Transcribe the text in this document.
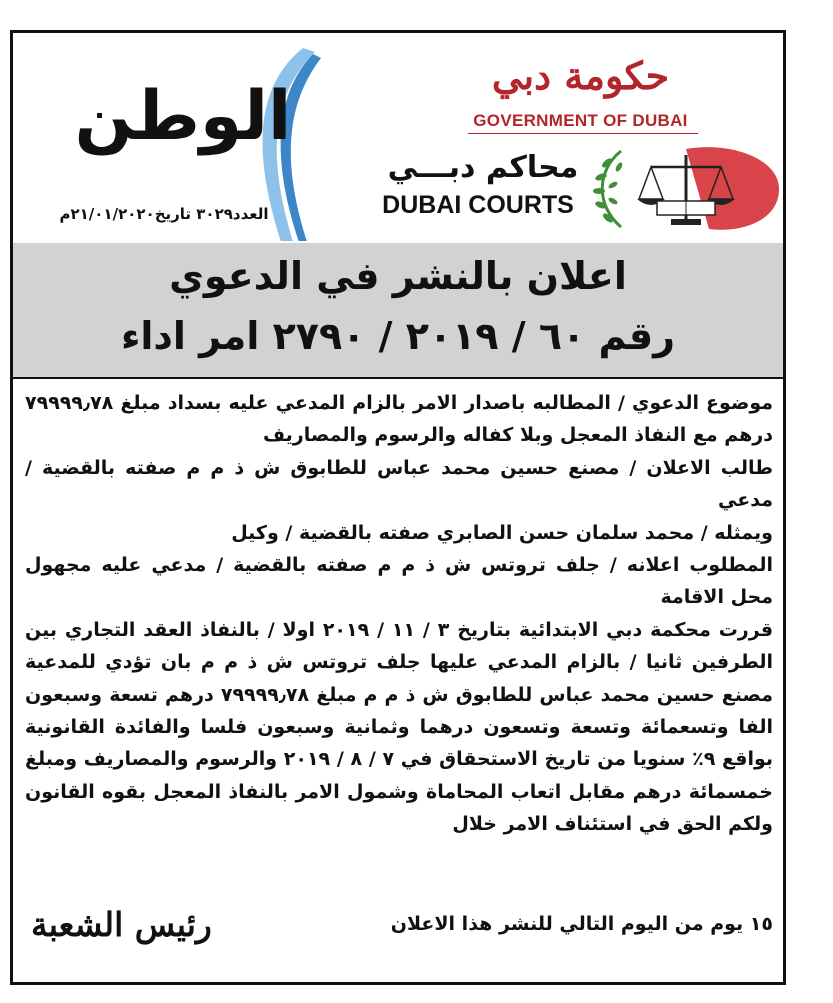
الوطن
العدد٣٠٢٩ تاريخ٢١/٠١/٢٠٢٠م
حكومة دبي
GOVERNMENT OF DUBAI
محاكم دبـــي
DUBAI COURTS
اعلان بالنشر في الدعوي
رقم ٦٠ / ٢٠١٩ / ٢٧٩٠ امر اداء

موضوع الدعوي / المطالبه باصدار الامر بالزام المدعي عليه بسداد مبلغ ٧٩٩٩٩٫٧٨ درهم مع النفاذ المعجل وبلا كفاله والرسوم والمصاريف

طالب الاعلان / مصنع حسين محمد عباس للطابوق ش ذ م م صفته بالقضية / مدعي

ويمثله / محمد سلمان حسن الصابري صفته بالقضية / وكيل

المطلوب اعلانه / جلف تروتس ش ذ م م صفته بالقضية / مدعي عليه مجهول محل الاقامة

قررت محكمة دبي الابتدائية بتاريخ ٣ / ١١ / ٢٠١٩ اولا / بالنفاذ العقد التجاري بين الطرفين ثانيا / بالزام المدعي عليها جلف تروتس ش ذ م م بان تؤدي للمدعية مصنع حسين محمد عباس للطابوق ش ذ م م مبلغ ٧٩٩٩٩٫٧٨ درهم تسعة وسبعون الفا وتسعمائة وتسعة وتسعون درهما وثمانية وسبعون فلسا والفائدة القانونية بواقع ٩٪ سنويا من تاريخ الاستحقاق في ٧ / ٨ / ٢٠١٩ والرسوم والمصاريف ومبلغ خمسمائة درهم مقابل اتعاب المحاماة وشمول الامر بالنفاذ المعجل بقوه القانون ولكم الحق في استئناف الامر خلال

١٥ يوم من اليوم التالي للنشر هذا الاعلان
رئيس الشعبة
